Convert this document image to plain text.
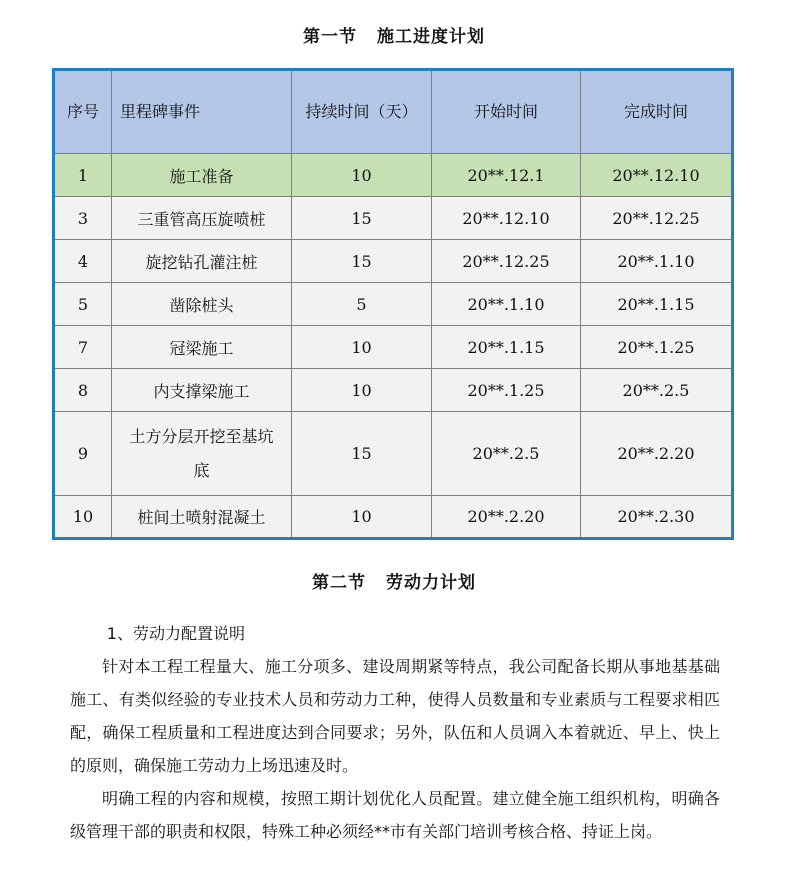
第一节 施工进度计划
序号	里程碑事件	持续时间（天）	开始时间	完成时间
1	施工准备	10	20**.12.1	20**.12.10
3	三重管高压旋喷桩	15	20**.12.10	20**.12.25
4	旋挖钻孔灌注桩	15	20**.12.25	20**.1.10
5	凿除桩头	5	20**.1.10	20**.1.15
7	冠梁施工	10	20**.1.15	20**.1.25
8	内支撑梁施工	10	20**.1.25	20**.2.5
9	土方分层开挖至基坑底	15	20**.2.5	20**.2.20
10	桩间土喷射混凝土	10	20**.2.20	20**.2.30
第二节 劳动力计划

1、劳动力配置说明

针对本工程工程量大、施工分项多、建设周期紧等特点，我公司配备长期从事地基基础施工、有类似经验的专业技术人员和劳动力工种，使得人员数量和专业素质与工程要求相匹配，确保工程质量和工程进度达到合同要求；另外，队伍和人员调入本着就近、早上、快上的原则，确保施工劳动力上场迅速及时。

明确工程的内容和规模，按照工期计划优化人员配置。建立健全施工组织机构，明确各级管理干部的职责和权限，特殊工种必须经**市有关部门培训考核合格、持证上岗。
